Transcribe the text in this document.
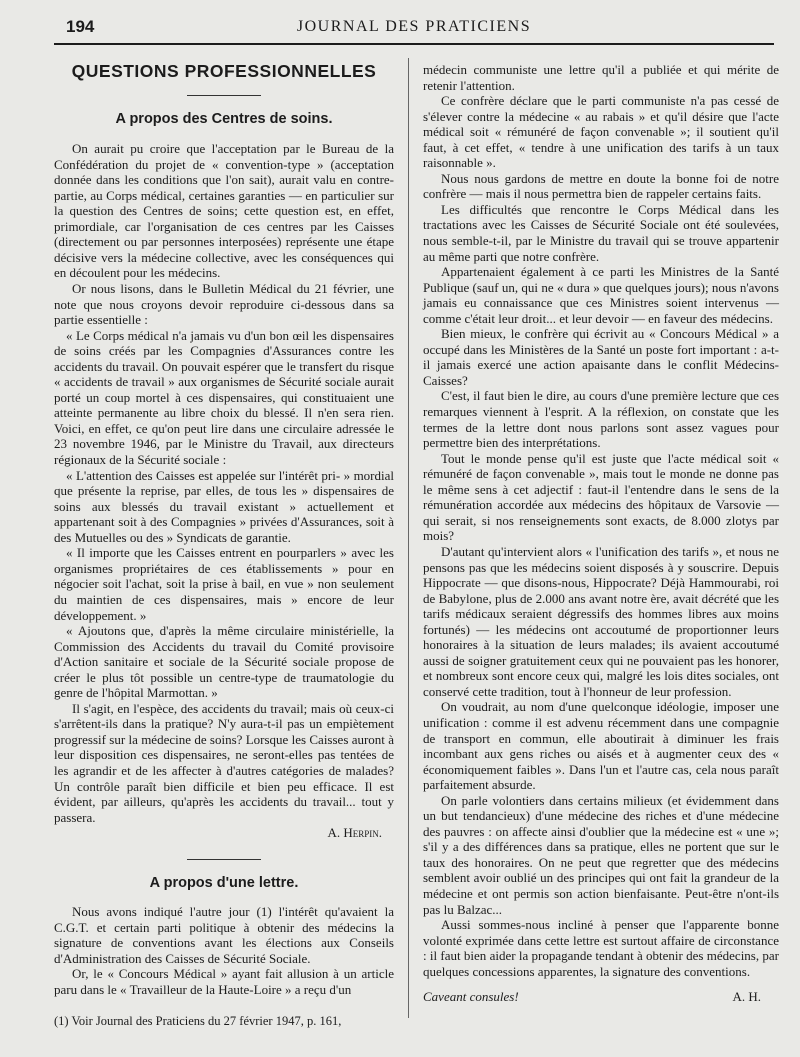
194	JOURNAL DES PRATICIENS
QUESTIONS PROFESSIONNELLES
A propos des Centres de soins.

On aurait pu croire que l'acceptation par le Bureau de la Confédération du projet de « convention-type » (acceptation donnée dans les conditions que l'on sait), aurait valu en contre-partie, au Corps médical, certaines garanties — en particulier sur la question des Centres de soins; cette question est, en effet, primordiale, car l'organisation de ces centres par les Caisses (directement ou par personnes interposées) représente une étape décisive vers la médecine collective, avec les conséquences qui en découlent pour les médecins.

Or nous lisons, dans le Bulletin Médical du 21 février, une note que nous croyons devoir reproduire ci-dessous dans sa partie essentielle :

« Le Corps médical n'a jamais vu d'un bon œil les dispensaires de soins créés par les Compagnies d'Assurances contre les accidents du travail. On pouvait espérer que le transfert du risque « accidents de travail » aux organismes de Sécurité sociale aurait porté un coup mortel à ces dispensaires, qui constituaient une atteinte permanente au libre choix du blessé. Il n'en sera rien. Voici, en effet, ce qu'on peut lire dans une circulaire adressée le 23 novembre 1946, par le Ministre du Travail, aux directeurs régionaux de la Sécurité sociale :

« L'attention des Caisses est appelée sur l'intérêt pri- » mordial que présente la reprise, par elles, de tous les » dispensaires de soins aux blessés du travail existant » actuellement et appartenant soit à des Compagnies » privées d'Assurances, soit à des Mutuelles ou des » Syndicats de garantie.

« Il importe que les Caisses entrent en pourparlers » avec les organismes propriétaires de ces établissements » pour en négocier soit l'achat, soit la prise à bail, en vue » non seulement du maintien de ces dispensaires, mais » encore de leur développement. »

« Ajoutons que, d'après la même circulaire ministérielle, la Commission des Accidents du travail du Comité provisoire d'Action sanitaire et sociale de la Sécurité sociale propose de créer le plus tôt possible un centre-type de traumatologie du genre de l'hôpital Marmottan. »

Il s'agit, en l'espèce, des accidents du travail; mais où ceux-ci s'arrêtent-ils dans la pratique? N'y aura-t-il pas un empiètement progressif sur la médecine de soins? Lorsque les Caisses auront à leur disposition ces dispensaires, ne seront-elles pas tentées de les agrandir et de les affecter à d'autres catégories de malades? Un contrôle paraît bien difficile et bien peu efficace. Il est évident, par ailleurs, qu'après les accidents du travail... tout y passera.

A. Herpin.
A propos d'une lettre.

Nous avons indiqué l'autre jour (1) l'intérêt qu'avaient la C.G.T. et certain parti politique à obtenir des médecins la signature de conventions avant les élections aux Conseils d'Administration des Caisses de Sécurité Sociale.

Or, le « Concours Médical » ayant fait allusion à un article paru dans le « Travailleur de la Haute-Loire » a reçu d'un

(1) Voir Journal des Praticiens du 27 février 1947, p. 161,

médecin communiste une lettre qu'il a publiée et qui mérite de retenir l'attention.

Ce confrère déclare que le parti communiste n'a pas cessé de s'élever contre la médecine « au rabais » et qu'il désire que l'acte médical soit « rémunéré de façon convenable »; il soutient qu'il faut, à cet effet, « tendre à une unification des tarifs à un taux raisonnable ».

Nous nous gardons de mettre en doute la bonne foi de notre confrère — mais il nous permettra bien de rappeler certains faits.

Les difficultés que rencontre le Corps Médical dans les tractations avec les Caisses de Sécurité Sociale ont été soulevées, nous semble-t-il, par le Ministre du travail qui se trouve appartenir au même parti que notre confrère.

Appartenaient également à ce parti les Ministres de la Santé Publique (sauf un, qui ne « dura » que quelques jours); nous n'avons jamais eu connaissance que ces Ministres soient intervenus — comme c'était leur droit... et leur devoir — en faveur des médecins.

Bien mieux, le confrère qui écrivit au « Concours Médical » a occupé dans les Ministères de la Santé un poste fort important : a-t-il jamais exercé une action apaisante dans le conflit Médecins-Caisses?

C'est, il faut bien le dire, au cours d'une première lecture que ces remarques viennent à l'esprit. A la réflexion, on constate que les termes de la lettre dont nous parlons sont assez vagues pour permettre bien des interprétations.

Tout le monde pense qu'il est juste que l'acte médical soit « rémunéré de façon convenable », mais tout le monde ne donne pas le même sens à cet adjectif : faut-il l'entendre dans le sens de la rémunération accordée aux médecins des hôpitaux de Varsovie — qui serait, si nos renseignements sont exacts, de 8.000 zlotys par mois?

D'autant qu'intervient alors « l'unification des tarifs », et nous ne pensons pas que les médecins soient disposés à y souscrire. Depuis Hippocrate — que disons-nous, Hippocrate? Déjà Hammourabi, roi de Babylone, plus de 2.000 ans avant notre ère, avait décrété que les tarifs médicaux seraient dégressifs des hommes libres aux moins fortunés) — les médecins ont accoutumé de proportionner leurs honoraires à la situation de leurs malades; ils avaient accoutumé aussi de soigner gratuitement ceux qui ne pouvaient pas les honorer, et nombreux sont encore ceux qui, malgré les lois dites sociales, ont conservé cette tradition, tout à l'honneur de leur profession.

On voudrait, au nom d'une quelconque idéologie, imposer une unification : comme il est advenu récemment dans une compagnie de transport en commun, elle aboutirait à diminuer les frais incombant aux gens riches ou aisés et à augmenter ceux des « économiquement faibles ». Dans l'un et l'autre cas, cela nous paraît parfaitement absurde.

On parle volontiers dans certains milieux (et évidemment dans un but tendancieux) d'une médecine des riches et d'une médecine des pauvres : on affecte ainsi d'oublier que la médecine est « une »; s'il y a des différences dans sa pratique, elles ne portent que sur le taux des honoraires. On ne peut que regretter que des médecins semblent avoir oublié un des principes qui ont fait la grandeur de la médecine et ont permis son action bienfaisante. Peut-être n'ont-ils pas lu Balzac...

Aussi sommes-nous incliné à penser que l'apparente bonne volonté exprimée dans cette lettre est surtout affaire de circonstance : il faut bien aider la propagande tendant à obtenir des médecins, par quelques concessions apparentes, la signature des conventions.

Caveant consules!	A. H.
